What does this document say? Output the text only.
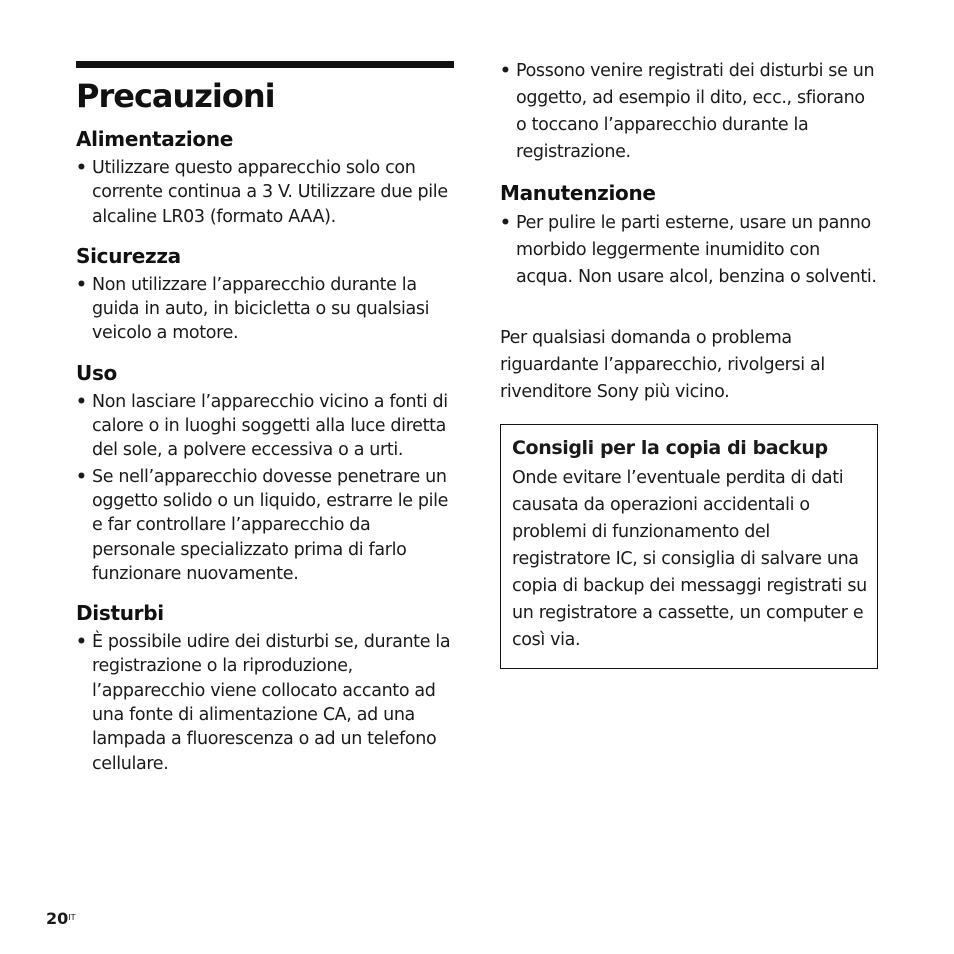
Precauzioni
Alimentazione
• Utilizzare questo apparecchio solo con corrente continua a 3 V. Utilizzare due pile alcaline LR03 (formato AAA).
Sicurezza
• Non utilizzare l’apparecchio durante la guida in auto, in bicicletta o su qualsiasi veicolo a motore.
Uso
• Non lasciare l’apparecchio vicino a fonti di calore o in luoghi soggetti alla luce diretta del sole, a polvere eccessiva o a urti.
• Se nell’apparecchio dovesse penetrare un oggetto solido o un liquido, estrarre le pile e far controllare l’apparecchio da personale specializzato prima di farlo funzionare nuovamente.
Disturbi
• È possibile udire dei disturbi se, durante la registrazione o la riproduzione, l’apparecchio viene collocato accanto ad una fonte di alimentazione CA, ad una lampada a fluorescenza o ad un telefono cellulare.
• Possono venire registrati dei disturbi se un oggetto, ad esempio il dito, ecc., sfiorano o toccano l’apparecchio durante la registrazione.
Manutenzione
• Per pulire le parti esterne, usare un panno morbido leggermente inumidito con acqua. Non usare alcol, benzina o solventi.

Per qualsiasi domanda o problema riguardante l’apparecchio, rivolgersi al rivenditore Sony più vicino.

Consigli per la copia di backup

Onde evitare l’eventuale perdita di dati causata da operazioni accidentali o problemi di funzionamento del registratore IC, si consiglia di salvare una copia di backup dei messaggi registrati su un registratore a cassette, un computer e così via.

$20^{IT}$
